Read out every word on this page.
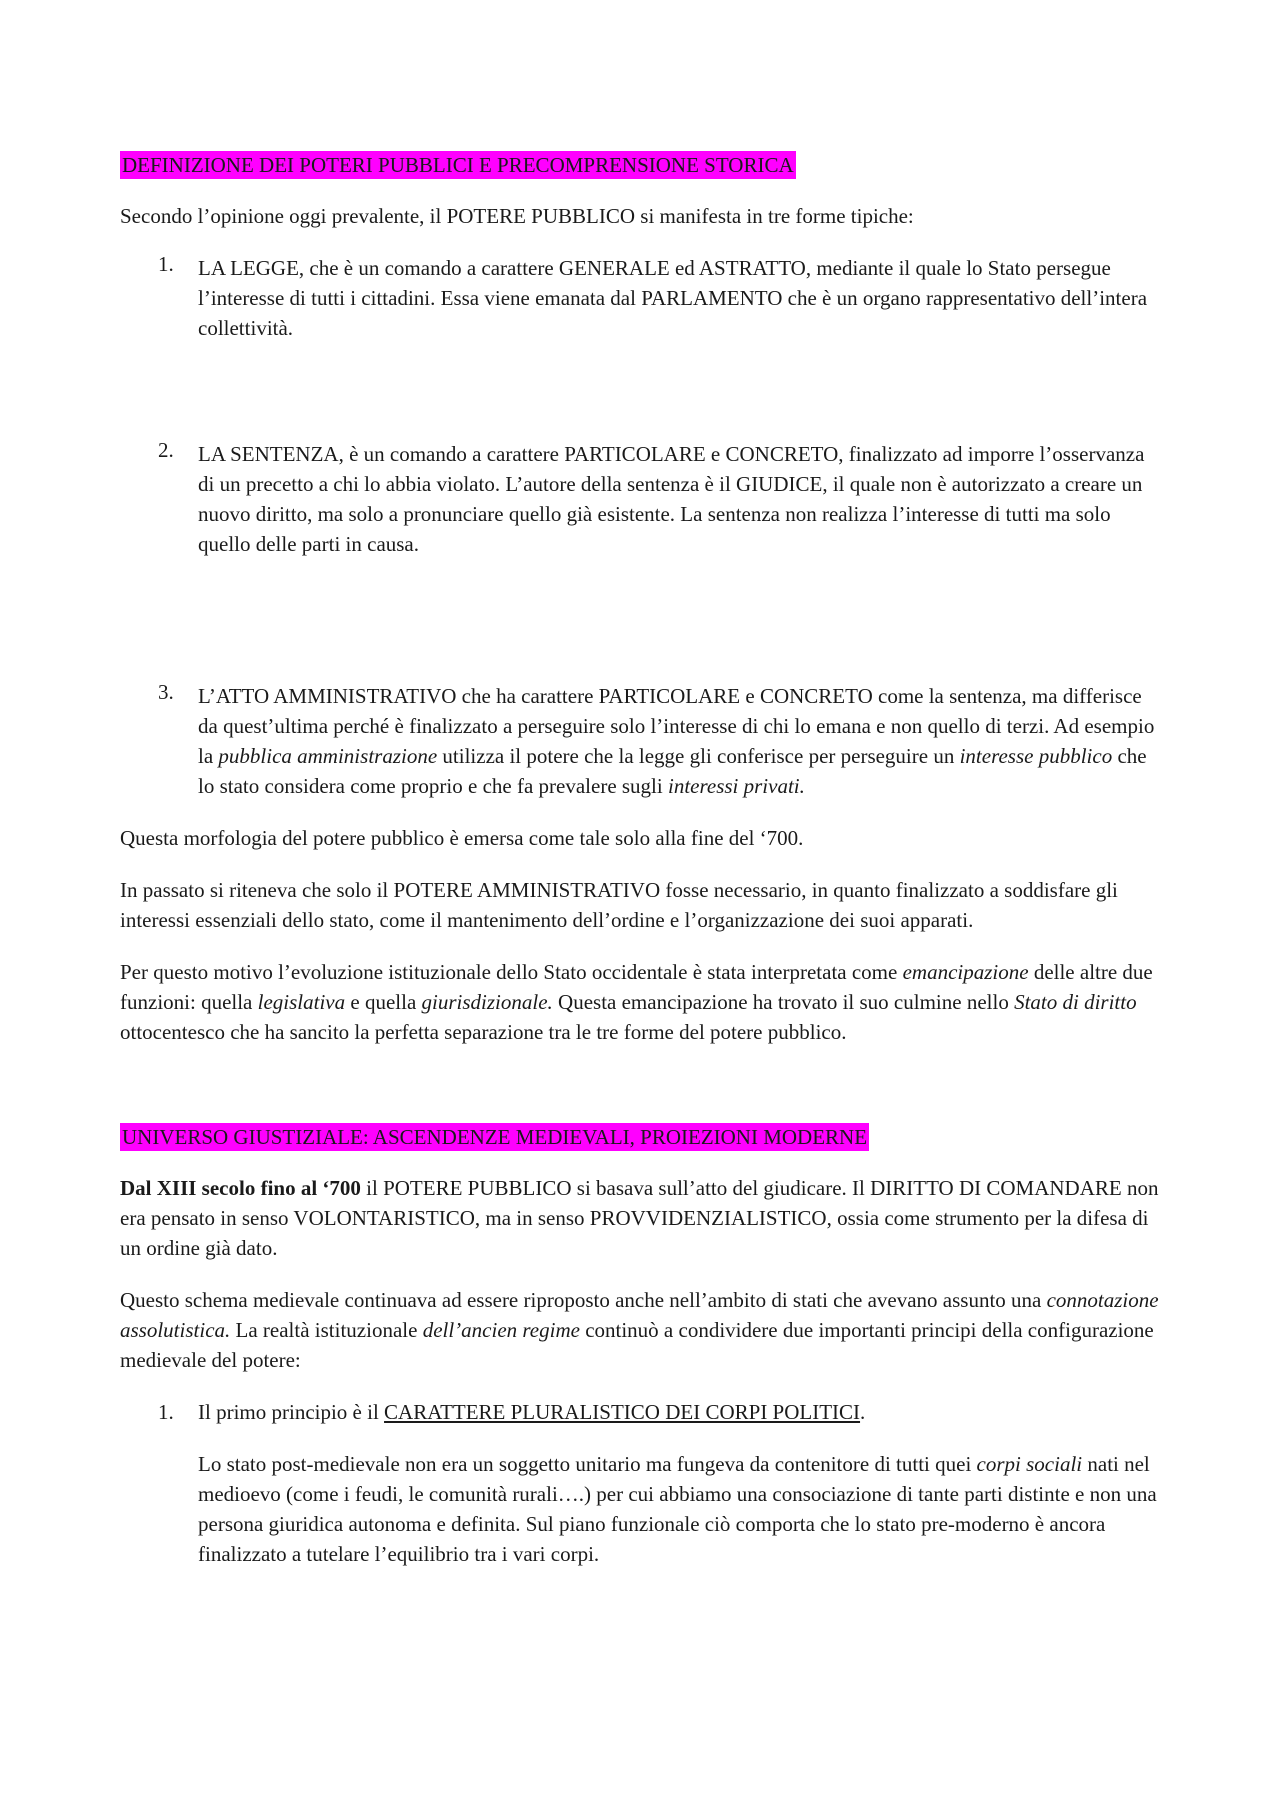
DEFINIZIONE DEI POTERI PUBBLICI E PRECOMPRENSIONE STORICA

Secondo l’opinione oggi prevalente, il POTERE PUBBLICO si manifesta in tre forme tipiche:

1. LA LEGGE, che è un comando a carattere GENERALE ed ASTRATTO, mediante il quale lo Stato persegue l’interesse di tutti i cittadini. Essa viene emanata dal PARLAMENTO che è un organo rappresentativo dell’intera collettività.
2. LA SENTENZA, è un comando a carattere PARTICOLARE e CONCRETO, finalizzato ad imporre l’osservanza di un precetto a chi lo abbia violato. L’autore della sentenza è il GIUDICE, il quale non è autorizzato a creare un nuovo diritto, ma solo a pronunciare quello già esistente. La sentenza non realizza l’interesse di tutti ma solo quello delle parti in causa.
3. L’ATTO AMMINISTRATIVO che ha carattere PARTICOLARE e CONCRETO come la sentenza, ma differisce da quest’ultima perché è finalizzato a perseguire solo l’interesse di chi lo emana e non quello di terzi. Ad esempio la pubblica amministrazione utilizza il potere che la legge gli conferisce per perseguire un interesse pubblico che lo stato considera come proprio e che fa prevalere sugli interessi privati.

Questa morfologia del potere pubblico è emersa come tale solo alla fine del ‘700.

In passato si riteneva che solo il POTERE AMMINISTRATIVO fosse necessario, in quanto finalizzato a soddisfare gli interessi essenziali dello stato, come il mantenimento dell’ordine e l’organizzazione dei suoi apparati.

Per questo motivo l’evoluzione istituzionale dello Stato occidentale è stata interpretata come emancipazione delle altre due funzioni: quella legislativa e quella giurisdizionale. Questa emancipazione ha trovato il suo culmine nello Stato di diritto ottocentesco che ha sancito la perfetta separazione tra le tre forme del potere pubblico.

UNIVERSO GIUSTIZIALE: ASCENDENZE MEDIEVALI, PROIEZIONI MODERNE

Dal XIII secolo fino al ‘700 il POTERE PUBBLICO si basava sull’atto del giudicare. Il DIRITTO DI COMANDARE non era pensato in senso VOLONTARISTICO, ma in senso PROVVIDENZIALISTICO, ossia come strumento per la difesa di un ordine già dato.

Questo schema medievale continuava ad essere riproposto anche nell’ambito di stati che avevano assunto una connotazione assolutistica. La realtà istituzionale dell’ancien regime continuò a condividere due importanti principi della configurazione medievale del potere:

1. Il primo principio è il CARATTERE PLURALISTICO DEI CORPI POLITICI.

Lo stato post-medievale non era un soggetto unitario ma fungeva da contenitore di tutti quei corpi sociali nati nel medioevo (come i feudi, le comunità rurali….) per cui abbiamo una consociazione di tante parti distinte e non una persona giuridica autonoma e definita. Sul piano funzionale ciò comporta che lo stato pre-moderno è ancora finalizzato a tutelare l’equilibrio tra i vari corpi.
